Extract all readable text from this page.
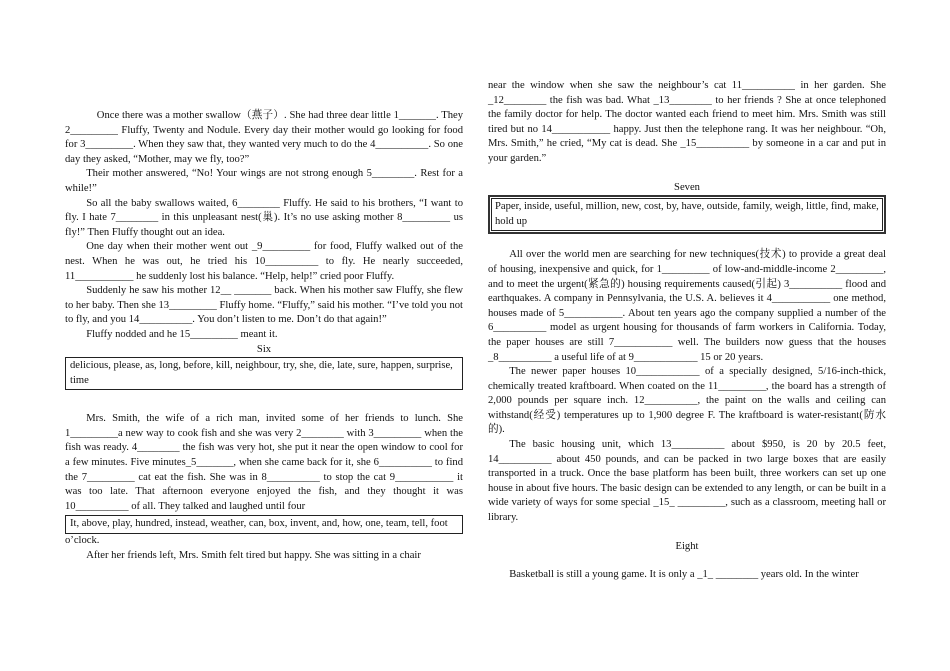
Once there was a mother swallow（燕子）. She had three dear little 1_______. They 2_________ Fluffy, Twenty and Nodule. Every day their mother would go looking for food for 3_________. When they saw that, they wanted very much to do the 4__________. So one day they asked, “Mother, may we fly, too?”

Their mother answered, “No! Your wings are not strong enough 5________. Rest for a while!”

So all the baby swallows waited, 6________ Fluffy. He said to his brothers, “I want to fly. I hate 7________ in this unpleasant nest(巢). It’s no use asking mother 8_________ us fly!” Then Fluffy thought out an idea.

One day when their mother went out _9_________ for food, Fluffy walked out of the nest. When he was out, he tried his 10__________ to fly. He nearly succeeded, 11___________ he suddenly lost his balance. “Help, help!” cried poor Fluffy.

Suddenly he saw his mother 12__ _______ back. When his mother saw Fluffy, she flew to her baby. Then she 13_________ Fluffy home. “Fluffy,” said his mother. “I’ve told you not to fly, and you 14__________. You don’t listen to me. Don’t do that again!”

Fluffy nodded and he 15_________ meant it.

Six

delicious, please, as, long, before, kill, neighbour, try, she, die, late, sure, happen, surprise, time

Mrs. Smith, the wife of a rich man, invited some of her friends to lunch. She 1_________a new way to cook fish and she was very 2________ with 3_________ when the fish was ready. 4________ the fish was very hot, she put it near the open window to cool for a few minutes. Five minutes_5_______, when she came back for it, she 6__________ to find the 7_________ cat eat the fish. She was in 8__________ to stop the cat 9___________ it was too late. That afternoon everyone enjoyed the fish, and they thought it was 10__________ of all. They talked and laughed until four

It, above, play, hundred, instead, weather, can, box, invent, and, how, one, team, tell, foot

o’clock.

After her friends left, Mrs. Smith felt tired but happy. She was sitting in a chair

near the window when she saw the neighbour’s cat 11__________ in her garden. She _12________ the fish was bad. What _13________ to her friends ? She at once telephoned the family doctor for help. The doctor wanted each friend to meet him. Mrs. Smith was still tired but no 14___________ happy. Just then the telephone rang. It was her neighbour. “Oh, Mrs. Smith,” he cried, “My cat is dead. She _15__________ by someone in a car and put in your garden.”

Seven

Paper, inside, useful, million, new, cost, by, have, outside, family, weigh, little, find, make, hold up

All over the world men are searching for new techniques(技术) to provide a great deal of housing, inexpensive and quick, for 1_________ of low-and-middle-income 2_________, and to meet the urgent(紧急的) housing requirements caused(引起) 3__________ flood and earthquakes. A company in Pennsylvania, the U.S. A. believes it 4___________ one method, houses made of 5___________. About ten years ago the company supplied a number of the 6__________ model as urgent housing for thousands of farm workers in California. Today, the paper houses are still 7___________ well. The builders now guess that the houses _8__________ a useful life of at 9____________ 15 or 20 years.

The newer paper houses 10____________ of a specially designed, 5/16-inch-thick, chemically treated kraftboard. When coated on the 11_________, the board has a strength of 2,000 pounds per square inch. 12__________, the paint on the walls and ceiling can withstand(经受) temperatures up to 1,900 degree F. The kraftboard is water-resistant(防水的).

The basic housing unit, which 13__________ about $950, is 20 by 20.5 feet, 14__________ about 450 pounds, and can be packed in two large boxes that are easily transported in a truck. Once the base platform has been built, three workers can set up one house in about five hours. The basic design can be extended to any length, or can be built in a wide variety of ways for some special _15_ _________, such as a classroom, meeting hall or library.

Eight

Basketball is still a young game. It is only a _1_ ________ years old. In the winter
